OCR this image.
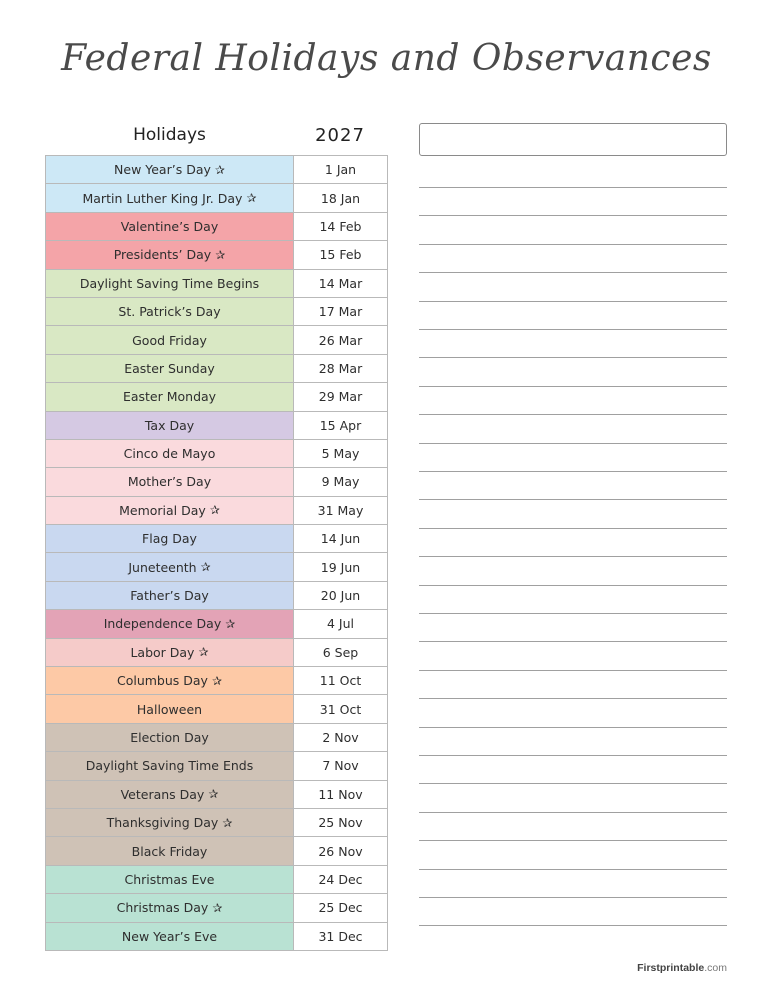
Federal Holidays and Observances
Holidays	2027
New Year’s Day ✰	1 Jan
Martin Luther King Jr. Day ✰	18 Jan
Valentine’s Day	14 Feb
Presidents’ Day ✰	15 Feb
Daylight Saving Time Begins	14 Mar
St. Patrick’s Day	17 Mar
Good Friday	26 Mar
Easter Sunday	28 Mar
Easter Monday	29 Mar
Tax Day	15 Apr
Cinco de Mayo	5 May
Mother’s Day	9 May
Memorial Day ✰	31 May
Flag Day	14 Jun
Juneteenth ✰	19 Jun
Father’s Day	20 Jun
Independence Day ✰	4 Jul
Labor Day ✰	6 Sep
Columbus Day ✰	11 Oct
Halloween	31 Oct
Election Day	2 Nov
Daylight Saving Time Ends	7 Nov
Veterans Day ✰	11 Nov
Thanksgiving Day ✰	25 Nov
Black Friday	26 Nov
Christmas Eve	24 Dec
Christmas Day ✰	25 Dec
New Year’s Eve	31 Dec
Firstprintable.com
